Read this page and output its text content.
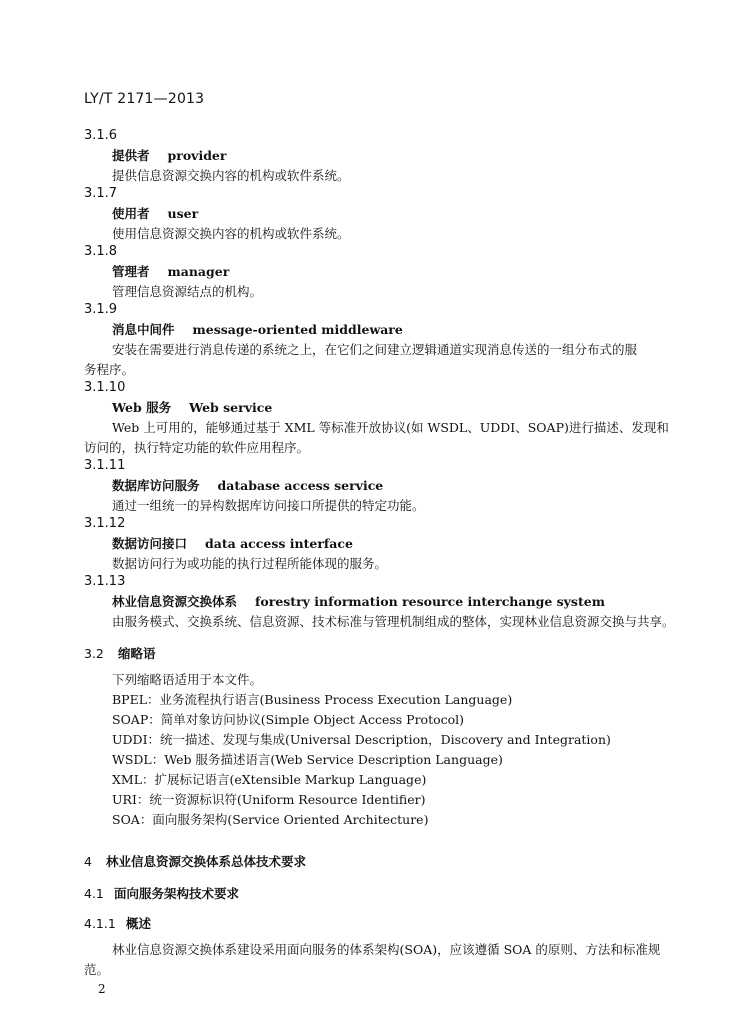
LY/T 2171—2013
3.1.6
提供者 provider
提供信息资源交换内容的机构或软件系统。
3.1.7
使用者 user
使用信息资源交换内容的机构或软件系统。
3.1.8
管理者 manager
管理信息资源结点的机构。
3.1.9
消息中间件 message-oriented middleware
安装在需要进行消息传递的系统之上，在它们之间建立逻辑通道实现消息传送的一组分布式的服
务程序。
3.1.10
Web 服务 Web service
Web 上可用的，能够通过基于 XML 等标准开放协议(如 WSDL、UDDI、SOAP)进行描述、发现和
访问的，执行特定功能的软件应用程序。
3.1.11
数据库访问服务 database access service
通过一组统一的异构数据库访问接口所提供的特定功能。
3.1.12
数据访问接口 data access interface
数据访问行为或功能的执行过程所能体现的服务。
3.1.13
林业信息资源交换体系 forestry information resource interchange system
由服务模式、交换系统、信息资源、技术标准与管理机制组成的整体，实现林业信息资源交换与共享。
3.2 缩略语
下列缩略语适用于本文件。
BPEL：业务流程执行语言(Business Process Execution Language)
SOAP：简单对象访问协议(Simple Object Access Protocol)
UDDI：统一描述、发现与集成(Universal Description，Discovery and Integration)
WSDL：Web 服务描述语言(Web Service Description Language)
XML：扩展标记语言(eXtensible Markup Language)
URI：统一资源标识符(Uniform Resource Identifier)
SOA：面向服务架构(Service Oriented Architecture)
4 林业信息资源交换体系总体技术要求
4.1 面向服务架构技术要求
4.1.1 概述
林业信息资源交换体系建设采用面向服务的体系架构(SOA)，应该遵循 SOA 的原则、方法和标准规范。
2
